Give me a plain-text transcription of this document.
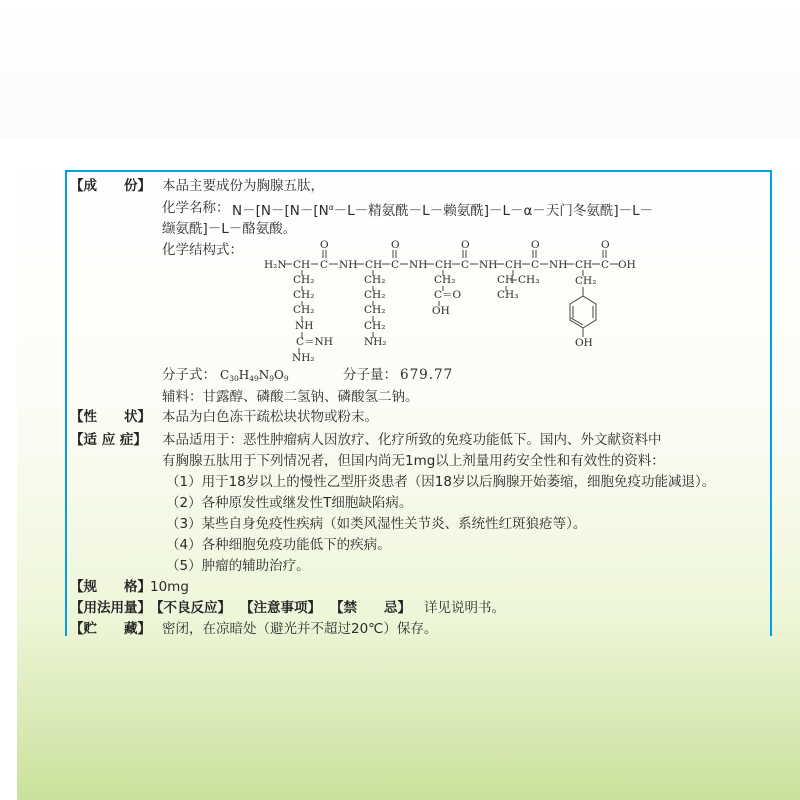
【成　　份】 本品主要成份为胸腺五肽，
化学名称： $N-[N-[N-[N^\alpha-L-$精氨酰－L－赖氨酰]－L－α－天门冬氨酰]－L－
缬氨酰]－L－酪氨酸。
化学结构式：
H₂N CH C
O
NH CH C
O
NH CH C
O
NH CH C
O
NH CH C
O
OH
CH₂
CH₂
CH₂
NH
C＝NH
NH₂
CH₂
CH₂
CH₂
CH₂
NH₂
CH₂
C＝O
OH
CH CH₃
CH₃
CH₂
OH
分子式： $C_{30}H_{49}N_9O_9$	分子量： 679.77
辅料：甘露醇、磷酸二氢钠、磷酸氢二钠。
【性　　状】 本品为白色冻干疏松块状物或粉末。
【适 应 症】 本品适用于：恶性肿瘤病人因放疗、化疗所致的免疫功能低下。国内、外文献资料中
有胸腺五肽用于下列情况者，但国内尚无1mg以上剂量用药安全性和有效性的资料：
（1）用于18岁以上的慢性乙型肝炎患者（因18岁以后胸腺开始萎缩，细胞免疫功能减退）。
（2）各种原发性或继发性T细胞缺陷病。
（3）某些自身免疫性疾病（如类风湿性关节炎、系统性红斑狼疮等）。
（4）各种细胞免疫功能低下的疾病。
（5）肿瘤的辅助治疗。
【规　　格】 10mg
【用法用量】 【不良反应】 【注意事项】 【禁　　忌】 详见说明书。
【贮　　藏】 密闭，在凉暗处（避光并不超过20℃）保存。
